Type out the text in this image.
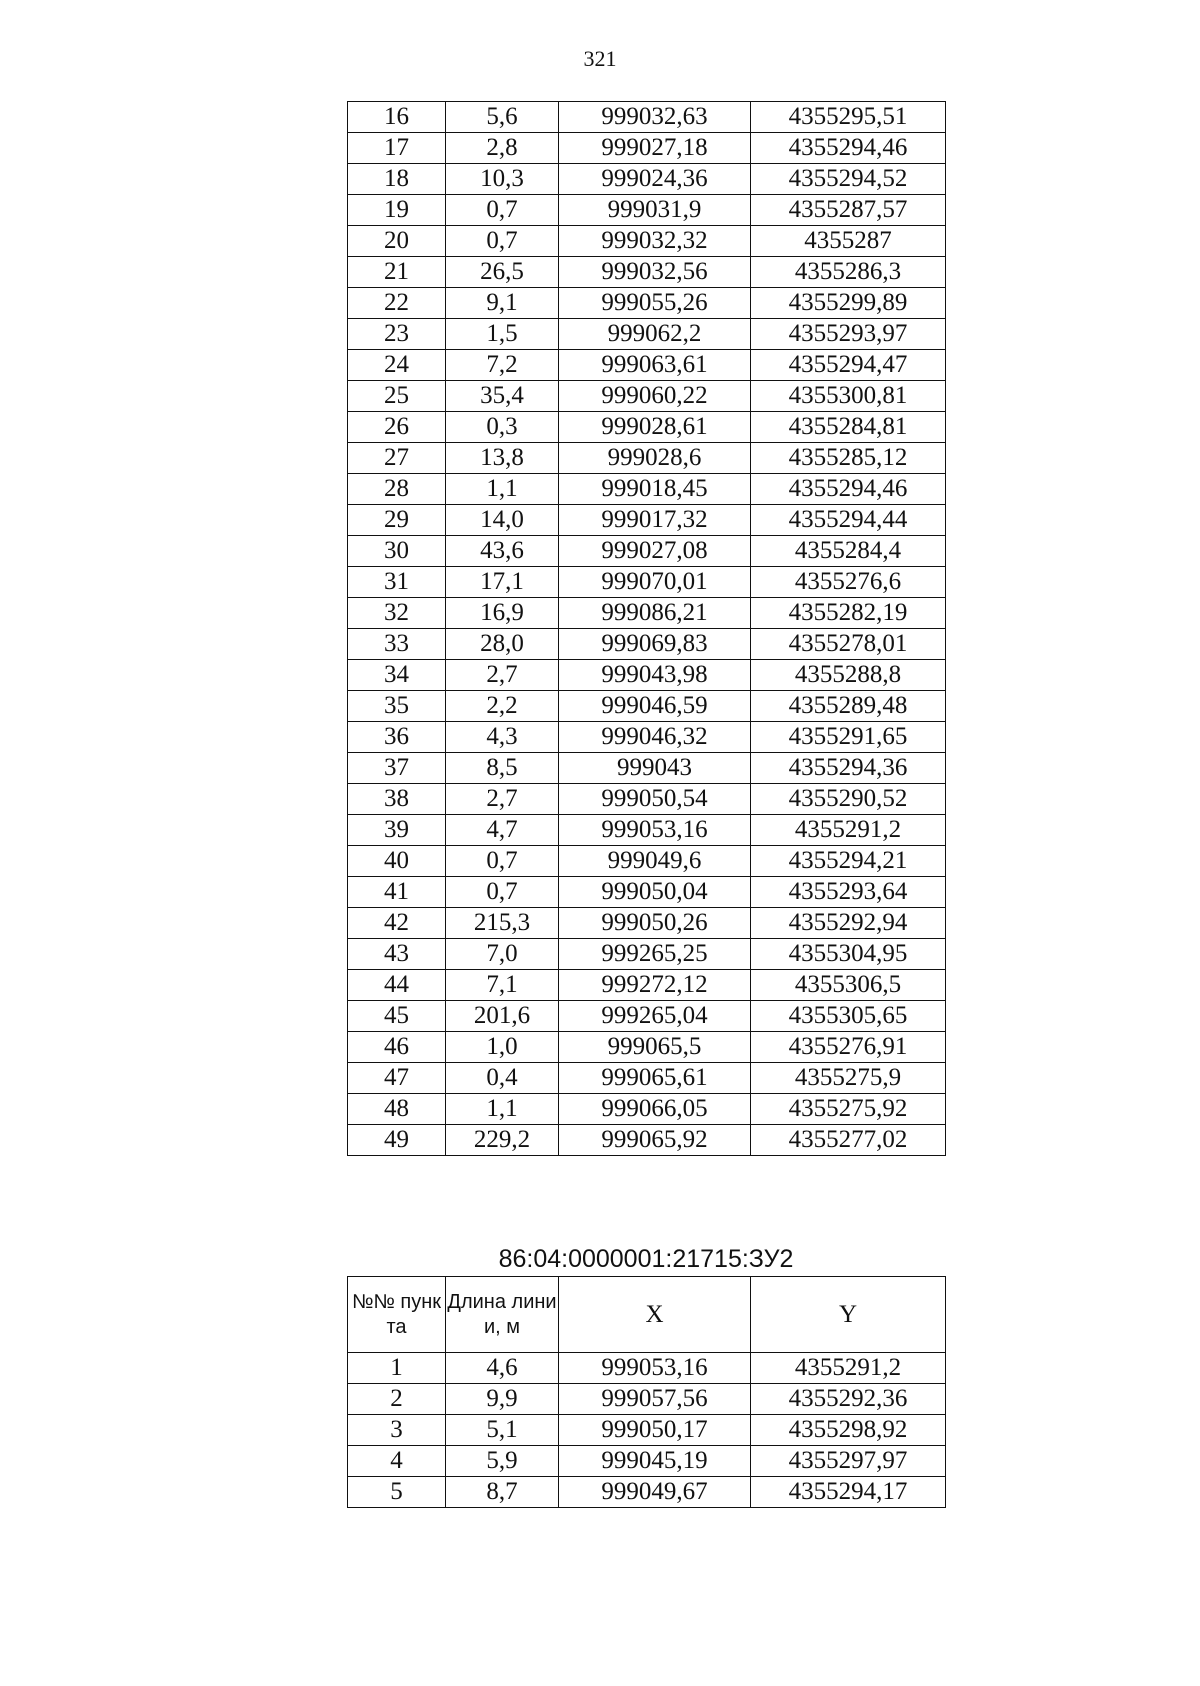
321
16	5,6	999032,63	4355295,51
17	2,8	999027,18	4355294,46
18	10,3	999024,36	4355294,52
19	0,7	999031,9	4355287,57
20	0,7	999032,32	4355287
21	26,5	999032,56	4355286,3
22	9,1	999055,26	4355299,89
23	1,5	999062,2	4355293,97
24	7,2	999063,61	4355294,47
25	35,4	999060,22	4355300,81
26	0,3	999028,61	4355284,81
27	13,8	999028,6	4355285,12
28	1,1	999018,45	4355294,46
29	14,0	999017,32	4355294,44
30	43,6	999027,08	4355284,4
31	17,1	999070,01	4355276,6
32	16,9	999086,21	4355282,19
33	28,0	999069,83	4355278,01
34	2,7	999043,98	4355288,8
35	2,2	999046,59	4355289,48
36	4,3	999046,32	4355291,65
37	8,5	999043	4355294,36
38	2,7	999050,54	4355290,52
39	4,7	999053,16	4355291,2
40	0,7	999049,6	4355294,21
41	0,7	999050,04	4355293,64
42	215,3	999050,26	4355292,94
43	7,0	999265,25	4355304,95
44	7,1	999272,12	4355306,5
45	201,6	999265,04	4355305,65
46	1,0	999065,5	4355276,91
47	0,4	999065,61	4355275,9
48	1,1	999066,05	4355275,92
49	229,2	999065,92	4355277,02
86:04:0000001:21715:ЗУ2
№№ пункта	Длина линии, м	X	Y
1	4,6	999053,16	4355291,2
2	9,9	999057,56	4355292,36
3	5,1	999050,17	4355298,92
4	5,9	999045,19	4355297,97
5	8,7	999049,67	4355294,17
